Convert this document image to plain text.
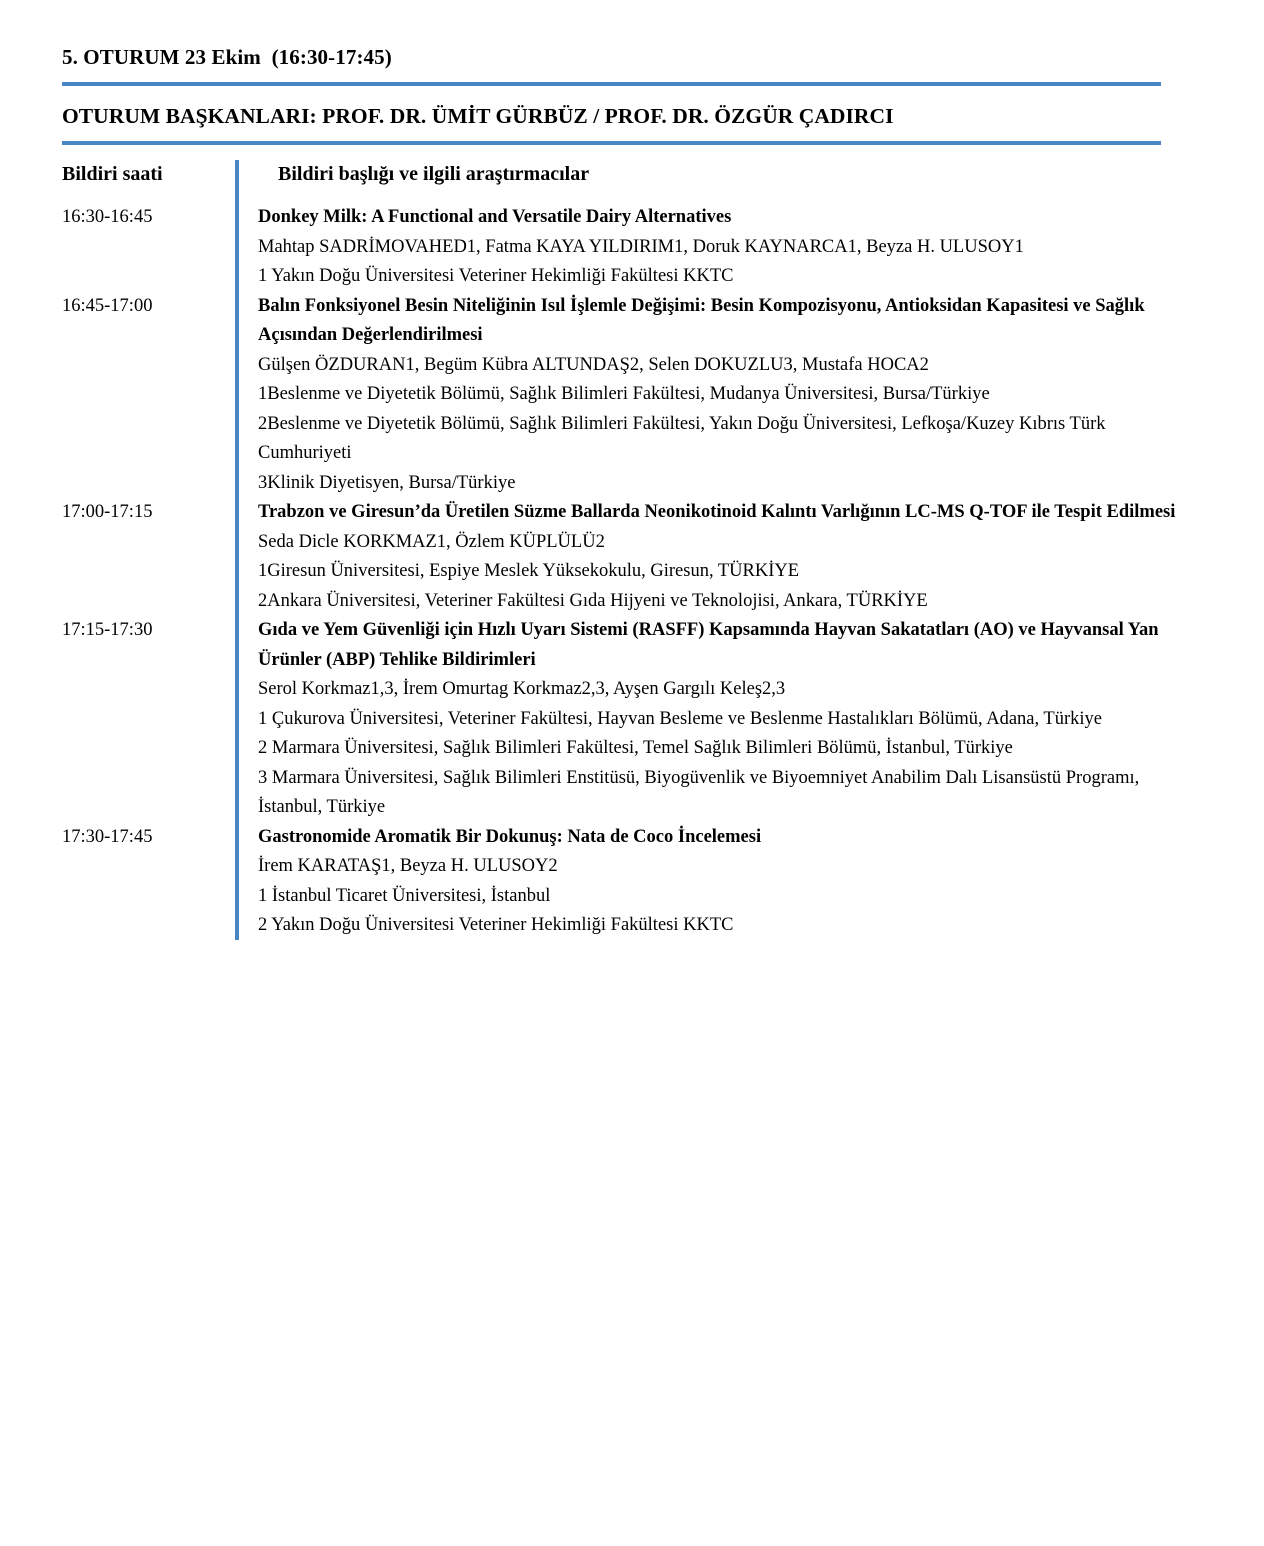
5. OTURUM 23 Ekim  (16:30-17:45)
OTURUM BAŞKANLARI: PROF. DR. ÜMİT GÜRBÜZ / PROF. DR. ÖZGÜR ÇADIRCI
Bildiri saati	Bildiri başlığı ve ilgili araştırmacılar
16:30-16:45	Donkey Milk: A Functional and Versatile Dairy Alternatives
Mahtap SADRİMOVAHED1, Fatma KAYA YILDIRIM1, Doruk KAYNARCA1, Beyza H. ULUSOY1
1 Yakın Doğu Üniversitesi Veteriner Hekimliği Fakültesi KKTC
16:45-17:00	Balın Fonksiyonel Besin Niteliğinin Isıl İşlemle Değişimi: Besin Kompozisyonu, Antioksidan Kapasitesi ve Sağlık Açısından Değerlendirilmesi
Gülşen ÖZDURAN1, Begüm Kübra ALTUNDAŞ2, Selen DOKUZLU3, Mustafa HOCA2
1Beslenme ve Diyetetik Bölümü, Sağlık Bilimleri Fakültesi, Mudanya Üniversitesi, Bursa/Türkiye
2Beslenme ve Diyetetik Bölümü, Sağlık Bilimleri Fakültesi, Yakın Doğu Üniversitesi, Lefkoşa/Kuzey Kıbrıs Türk Cumhuriyeti
3Klinik Diyetisyen, Bursa/Türkiye
17:00-17:15	Trabzon ve Giresun’da Üretilen Süzme Ballarda Neonikotinoid Kalıntı Varlığının LC-MS Q-TOF ile Tespit Edilmesi
Seda Dicle KORKMAZ1, Özlem KÜPLÜLÜ2
1Giresun Üniversitesi, Espiye Meslek Yüksekokulu, Giresun, TÜRKİYE
2Ankara Üniversitesi, Veteriner Fakültesi Gıda Hijyeni ve Teknolojisi, Ankara, TÜRKİYE
17:15-17:30	Gıda ve Yem Güvenliği için Hızlı Uyarı Sistemi (RASFF) Kapsamında Hayvan Sakatatları (AO) ve Hayvansal Yan Ürünler (ABP) Tehlike Bildirimleri
Serol Korkmaz1,3, İrem Omurtag Korkmaz2,3, Ayşen Gargılı Keleş2,3
1 Çukurova Üniversitesi, Veteriner Fakültesi, Hayvan Besleme ve Beslenme Hastalıkları Bölümü, Adana, Türkiye
2 Marmara Üniversitesi, Sağlık Bilimleri Fakültesi, Temel Sağlık Bilimleri Bölümü, İstanbul, Türkiye
3 Marmara Üniversitesi, Sağlık Bilimleri Enstitüsü, Biyogüvenlik ve Biyoemniyet Anabilim Dalı Lisansüstü Programı, İstanbul, Türkiye
17:30-17:45	Gastronomide Aromatik Bir Dokunuş: Nata de Coco İncelemesi
İrem KARATAŞ1, Beyza H. ULUSOY2
1 İstanbul Ticaret Üniversitesi, İstanbul
2 Yakın Doğu Üniversitesi Veteriner Hekimliği Fakültesi KKTC
